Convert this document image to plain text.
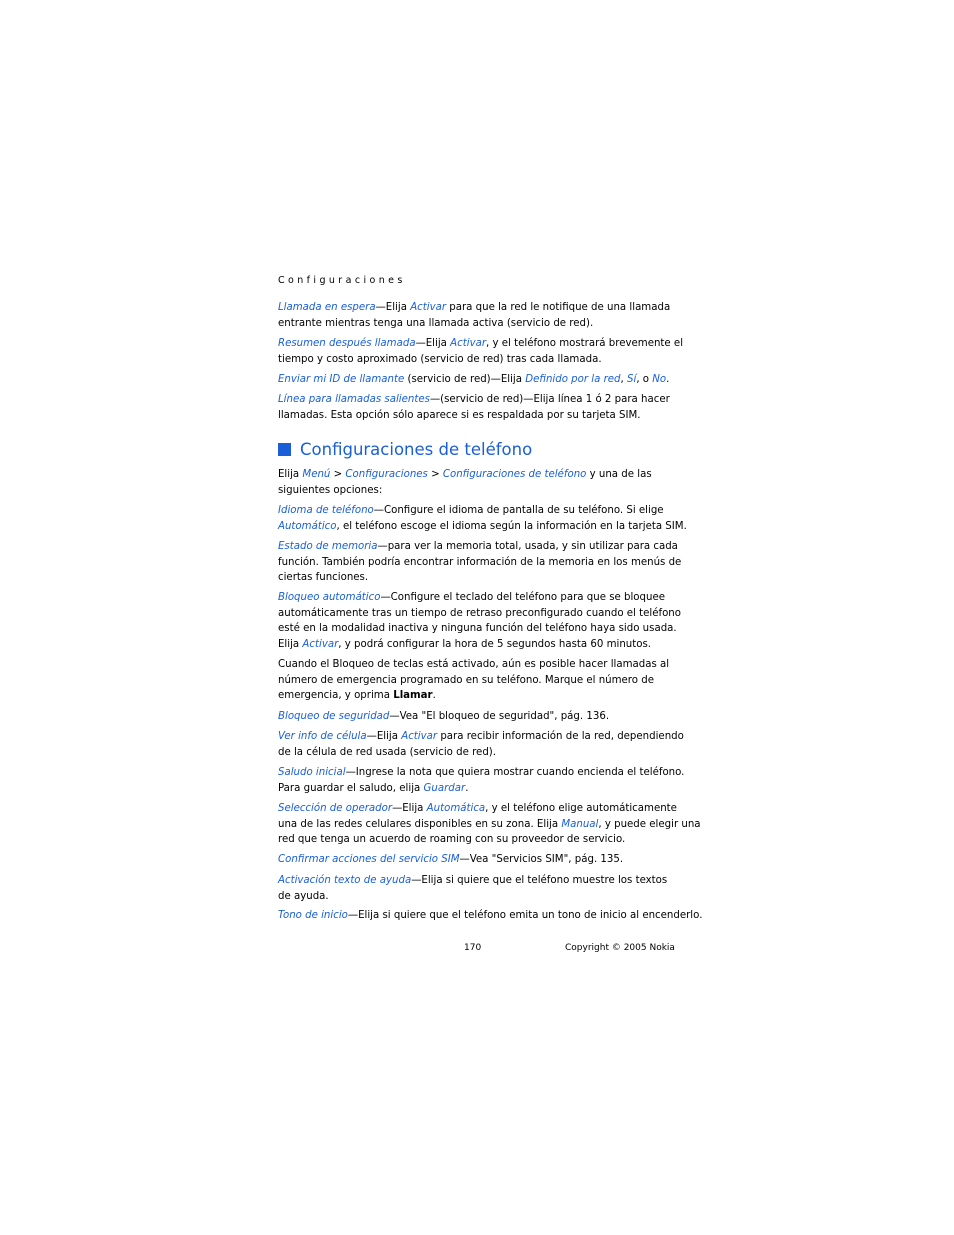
Configuraciones
Llamada en espera—Elija Activar para que la red le notifique de una llamada
entrante mientras tenga una llamada activa (servicio de red).
Resumen después llamada—Elija Activar, y el teléfono mostrará brevemente el
tiempo y costo aproximado (servicio de red) tras cada llamada.
Enviar mi ID de llamante (servicio de red)—Elija Definido por la red, Sí, o No.
Línea para llamadas salientes—(servicio de red)—Elija línea 1 ó 2 para hacer
llamadas. Esta opción sólo aparece si es respaldada por su tarjeta SIM.
Elija Menú > Configuraciones > Configuraciones de teléfono y una de las
siguientes opciones:
Idioma de teléfono—Configure el idioma de pantalla de su teléfono. Si elige
Automático, el teléfono escoge el idioma según la información en la tarjeta SIM.
Estado de memoria—para ver la memoria total, usada, y sin utilizar para cada
función. También podría encontrar información de la memoria en los menús de
ciertas funciones.
Bloqueo automático—Configure el teclado del teléfono para que se bloquee
automáticamente tras un tiempo de retraso preconfigurado cuando el teléfono
esté en la modalidad inactiva y ninguna función del teléfono haya sido usada.
Elija Activar, y podrá configurar la hora de 5 segundos hasta 60 minutos.
Cuando el Bloqueo de teclas está activado, aún es posible hacer llamadas al
número de emergencia programado en su teléfono. Marque el número de
emergencia, y oprima Llamar.
Bloqueo de seguridad—Vea "El bloqueo de seguridad", pág. 136.
Ver info de célula—Elija Activar para recibir información de la red, dependiendo
de la célula de red usada (servicio de red).
Saludo inicial—Ingrese la nota que quiera mostrar cuando encienda el teléfono.
Para guardar el saludo, elija Guardar.
Selección de operador—Elija Automática, y el teléfono elige automáticamente
una de las redes celulares disponibles en su zona. Elija Manual, y puede elegir una
red que tenga un acuerdo de roaming con su proveedor de servicio.
Confirmar acciones del servicio SIM—Vea "Servicios SIM", pág. 135.
Activación texto de ayuda—Elija si quiere que el teléfono muestre los textos
de ayuda.
Tono de inicio—Elija si quiere que el teléfono emita un tono de inicio al encenderlo.
Configuraciones de teléfono
170	Copyright © 2005 Nokia
